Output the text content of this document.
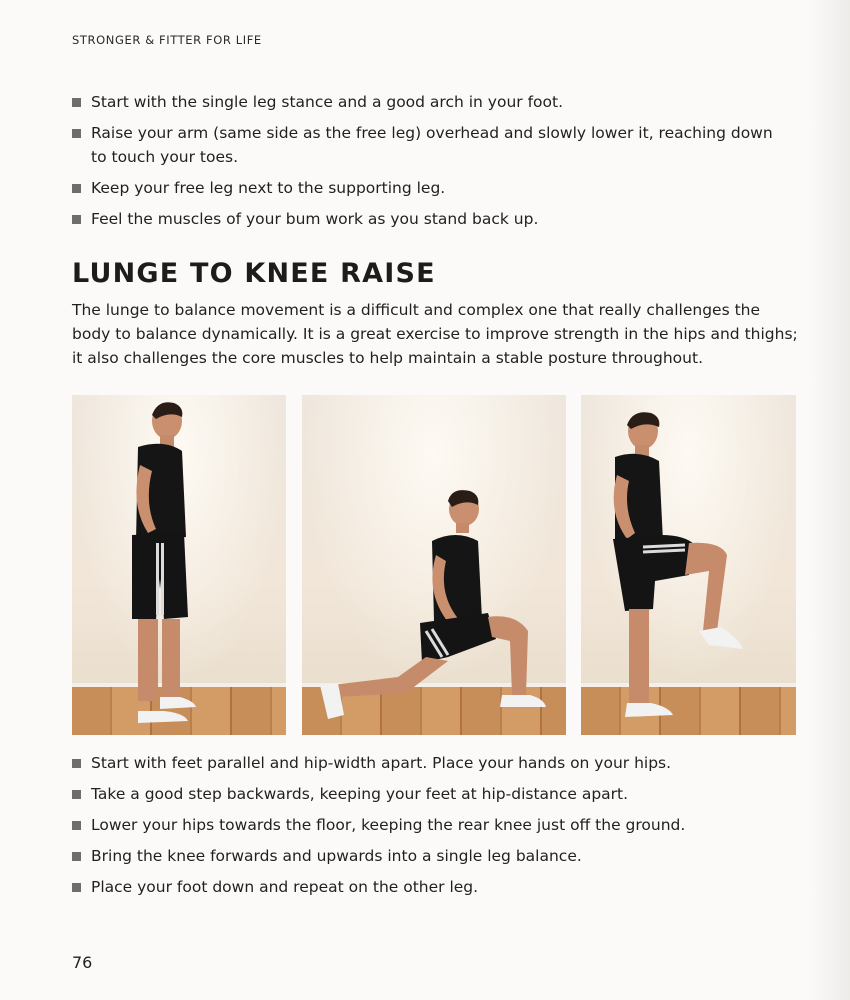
STRONGER & FITTER FOR LIFE
Start with the single leg stance and a good arch in your foot.
Raise your arm (same side as the free leg) overhead and slowly lower it, reaching down to touch your toes.
Keep your free leg next to the supporting leg.
Feel the muscles of your bum work as you stand back up.
LUNGE TO KNEE RAISE
The lunge to balance movement is a difficult and complex one that really challenges the body to balance dynamically. It is a great exercise to improve strength in the hips and thighs; it also challenges the core muscles to help maintain a stable posture throughout.
Start with feet parallel and hip-width apart. Place your hands on your hips.
Take a good step backwards, keeping your feet at hip-distance apart.
Lower your hips towards the floor, keeping the rear knee just off the ground.
Bring the knee forwards and upwards into a single leg balance.
Place your foot down and repeat on the other leg.
76
